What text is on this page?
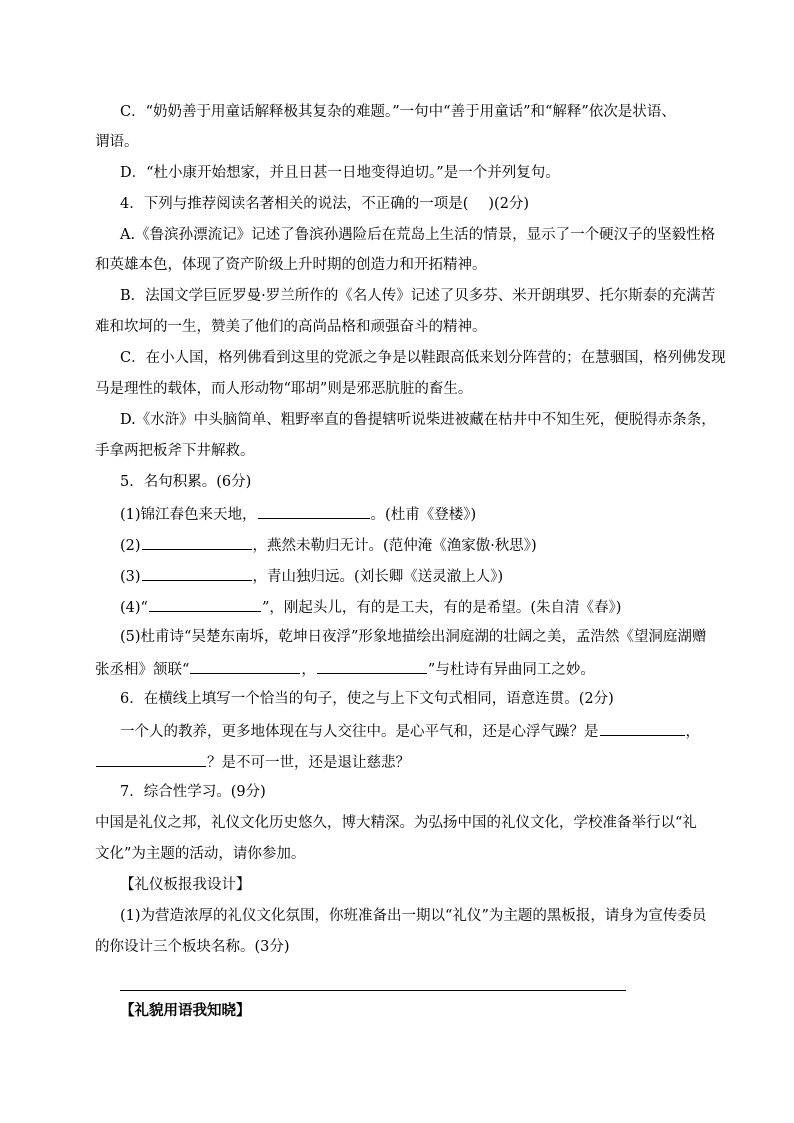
C．“奶奶善于用童话解释极其复杂的难题。”一句中“善于用童话”和“解释”依次是状语、
谓语。
D．“杜小康开始想家，并且日甚一日地变得迫切。”是一个并列复句。
4．下列与推荐阅读名著相关的说法，不正确的一项是( )(2分)
A.《鲁滨孙漂流记》记述了鲁滨孙遇险后在荒岛上生活的情景，显示了一个硬汉子的坚毅性格
和英雄本色，体现了资产阶级上升时期的创造力和开拓精神。
B．法国文学巨匠罗曼·罗兰所作的《名人传》记述了贝多芬、米开朗琪罗、托尔斯泰的充满苦
难和坎坷的一生，赞美了他们的高尚品格和顽强奋斗的精神。
C．在小人国，格列佛看到这里的党派之争是以鞋跟高低来划分阵营的；在慧骃国，格列佛发现
马是理性的载体，而人形动物“耶胡”则是邪恶肮脏的畜生。
D.《水浒》中头脑简单、粗野率直的鲁提辖听说柴进被藏在枯井中不知生死，便脱得赤条条，
手拿两把板斧下井解救。
5．名句积累。(6分)
(1)锦江春色来天地，	。(杜甫《登楼》)
(2)	，燕然未勒归无计。(范仲淹《渔家傲·秋思》)
(3)	，青山独归远。(刘长卿《送灵澈上人》)
(4)“	”，刚起头儿，有的是工夫，有的是希望。(朱自清《春》)
(5)杜甫诗“吴楚东南坼，乾坤日夜浮”形象地描绘出洞庭湖的壮阔之美，孟浩然《望洞庭湖赠
张丞相》颔联“	，	”与杜诗有异曲同工之妙。
6．在横线上填写一个恰当的句子，使之与上下文句式相同，语意连贯。(2分)
一个人的教养，更多地体现在与人交往中。是心平气和，还是心浮气躁？是	，
？是不可一世，还是退让慈悲？
7．综合性学习。(9分)
中国是礼仪之邦，礼仪文化历史悠久，博大精深。为弘扬中国的礼仪文化，学校准备举行以“礼
文化”为主题的活动，请你参加。
【礼仪板报我设计】
(1)为营造浓厚的礼仪文化氛围，你班准备出一期以“礼仪”为主题的黑板报，请身为宣传委员
的你设计三个板块名称。(3分)
【礼貌用语我知晓】
